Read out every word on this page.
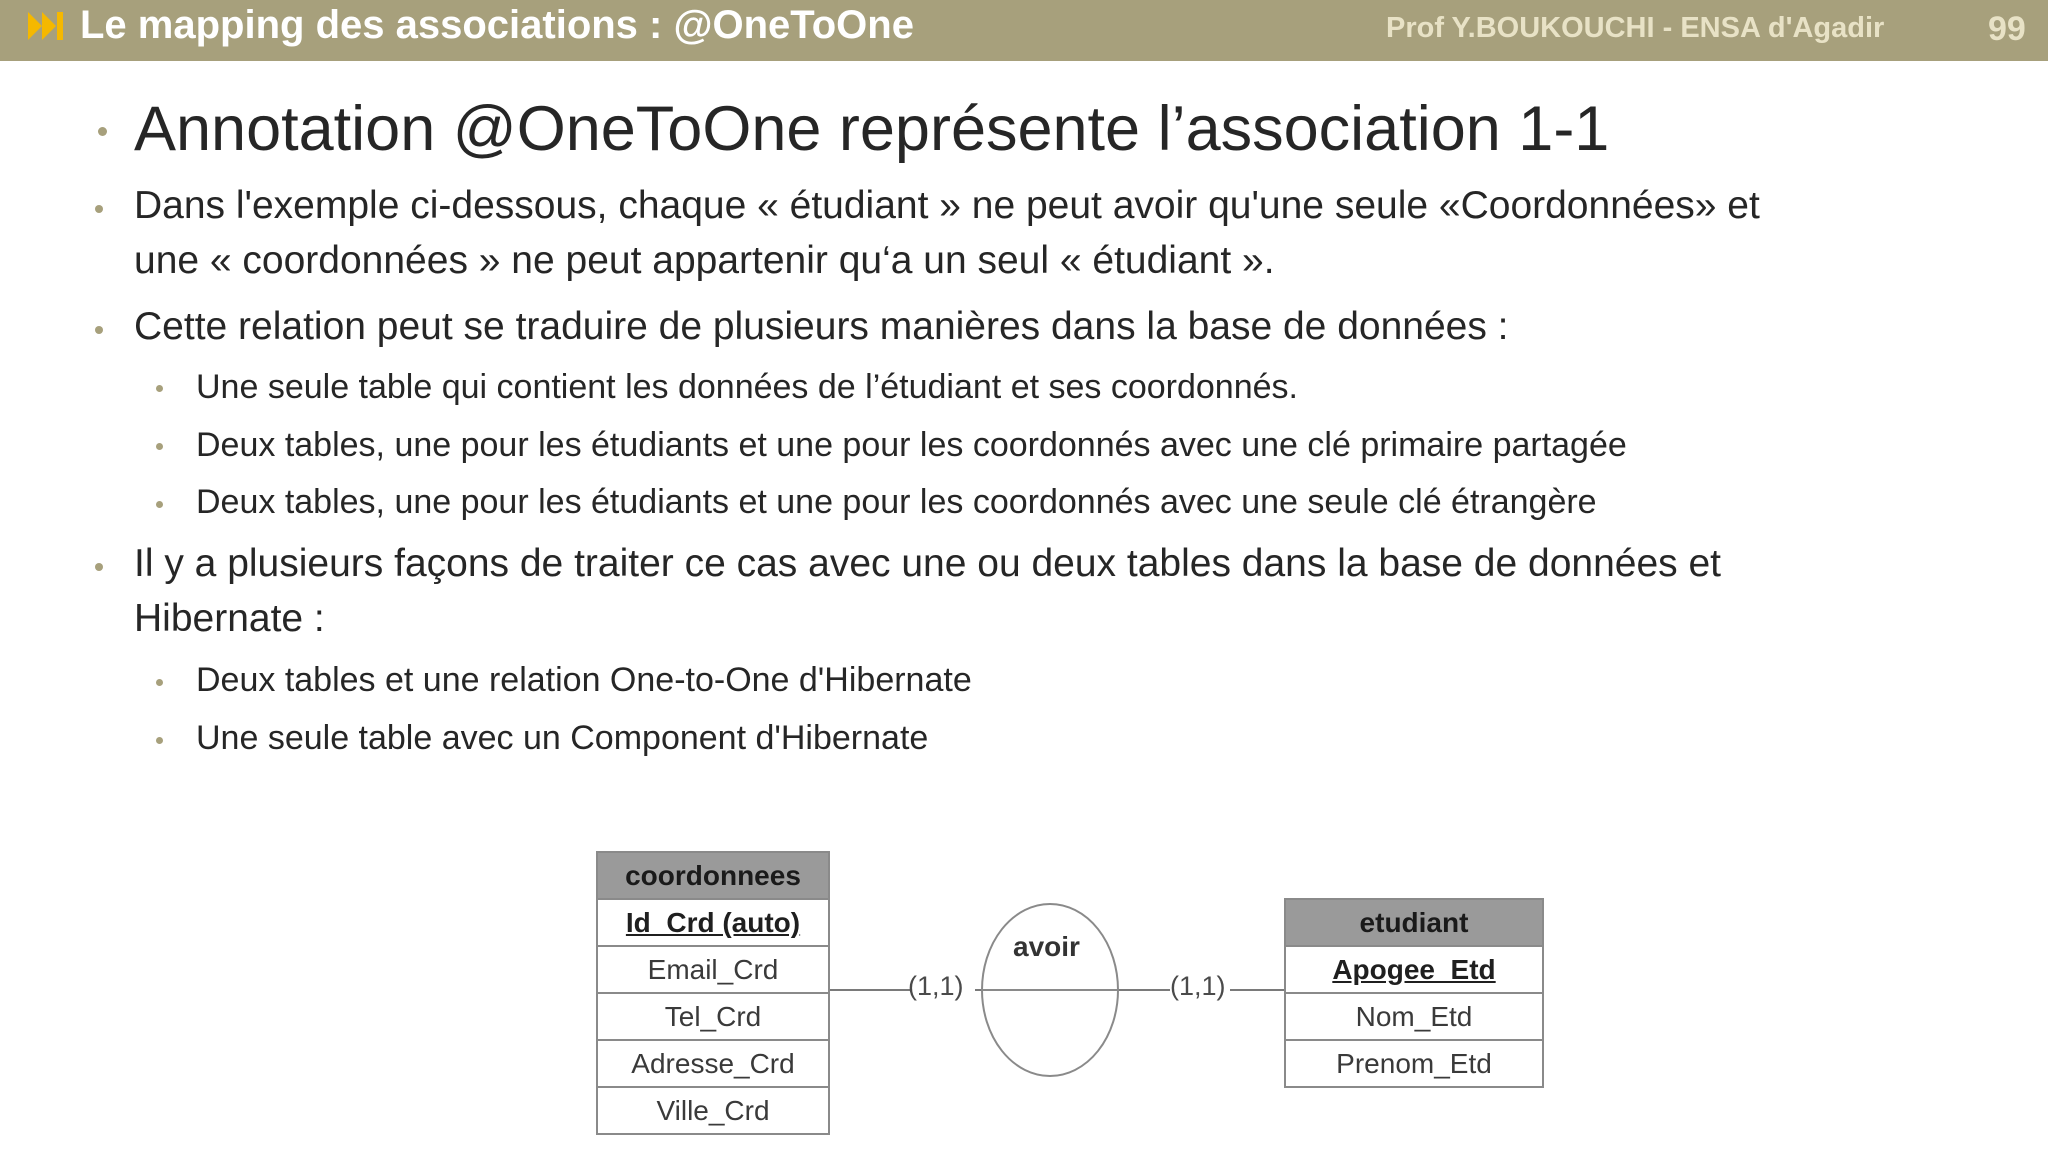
Le mapping des associations : @OneToOne	Prof Y.BOUKOUCHI - ENSA d'Agadir	99
Annotation @OneToOne représente l’association 1-1
Dans l'exemple ci-dessous, chaque « étudiant » ne peut avoir qu'une seule «Coordonnées» et
une « coordonnées » ne peut appartenir qu‘a un seul « étudiant ».
Cette relation peut se traduire de plusieurs manières dans la base de données :
Une seule table qui contient les données de l’étudiant et ses coordonnés.
Deux tables, une pour les étudiants et une pour les coordonnés avec une clé primaire partagée
Deux tables, une pour les étudiants et une pour les coordonnés avec une seule clé étrangère
Il y a plusieurs façons de traiter ce cas avec une ou deux tables dans la base de données et
Hibernate :
Deux tables et une relation One-to-One d'Hibernate
Une seule table avec un Component d'Hibernate
coordonnees
Id_Crd (auto)
Email_Crd
Tel_Crd
Adresse_Crd
Ville_Crd
(1,1)
avoir
(1,1)
etudiant
Apogee_Etd
Nom_Etd
Prenom_Etd
